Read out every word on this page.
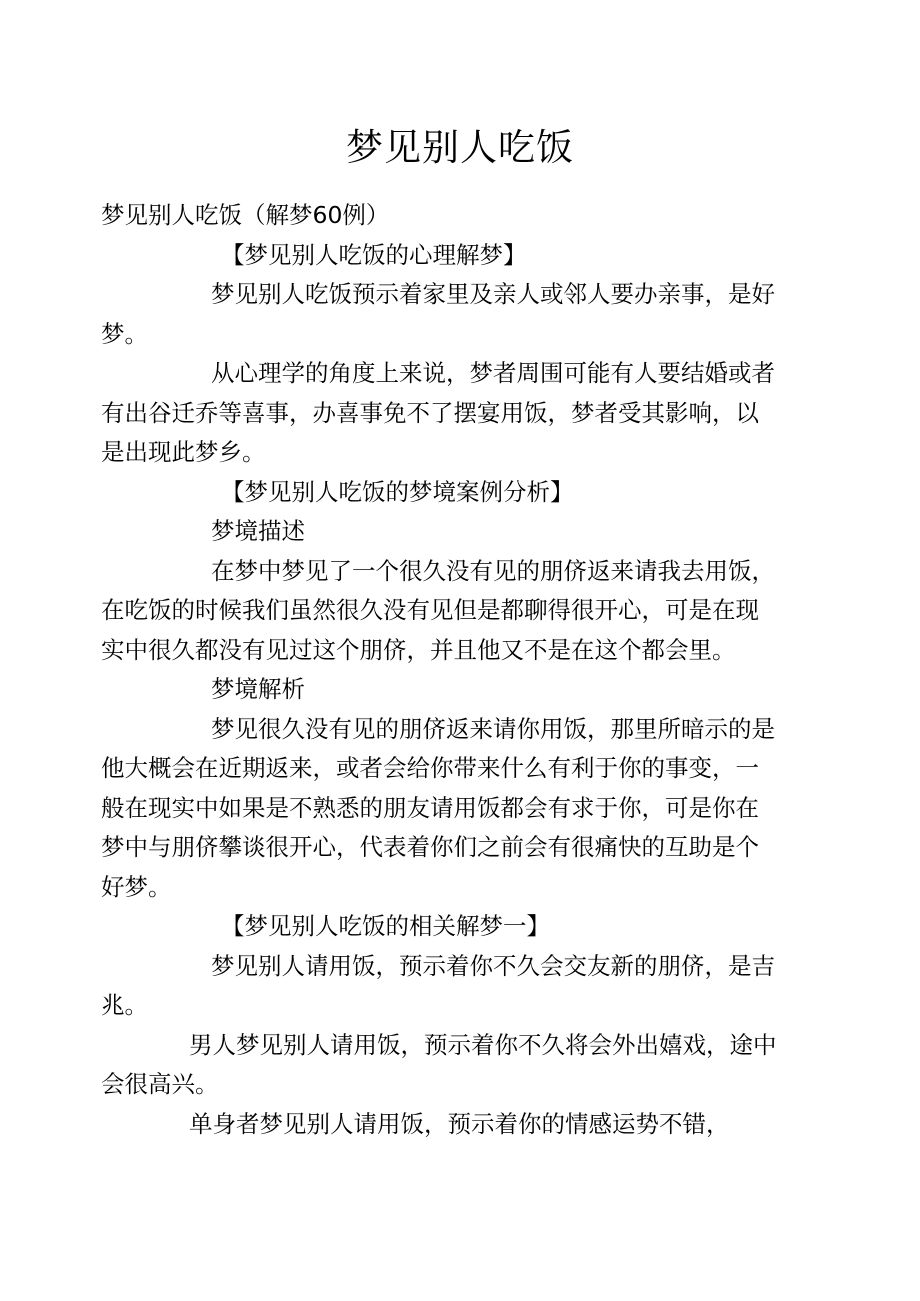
梦见别人吃饭

梦见别人吃饭（解梦60例）

【梦见别人吃饭的心理解梦】

梦见别人吃饭预示着家里及亲人或邻人要办亲事，是好梦。

从心理学的角度上来说，梦者周围可能有人要结婚或者有出谷迁乔等喜事，办喜事免不了摆宴用饭，梦者受其影响，以是出现此梦乡。

【梦见别人吃饭的梦境案例分析】

梦境描述

在梦中梦见了一个很久没有见的朋侪返来请我去用饭，在吃饭的时候我们虽然很久没有见但是都聊得很开心，可是在现实中很久都没有见过这个朋侪，并且他又不是在这个都会里。

梦境解析

梦见很久没有见的朋侪返来请你用饭，那里所暗示的是他大概会在近期返来，或者会给你带来什么有利于你的事变，一般在现实中如果是不熟悉的朋友请用饭都会有求于你，可是你在梦中与朋侪攀谈很开心，代表着你们之前会有很痛快的互助是个好梦。

【梦见别人吃饭的相关解梦一】

梦见别人请用饭，预示着你不久会交友新的朋侪，是吉兆。

男人梦见别人请用饭，预示着你不久将会外出嬉戏，途中会很高兴。

单身者梦见别人请用饭，预示着你的情感运势不错，
